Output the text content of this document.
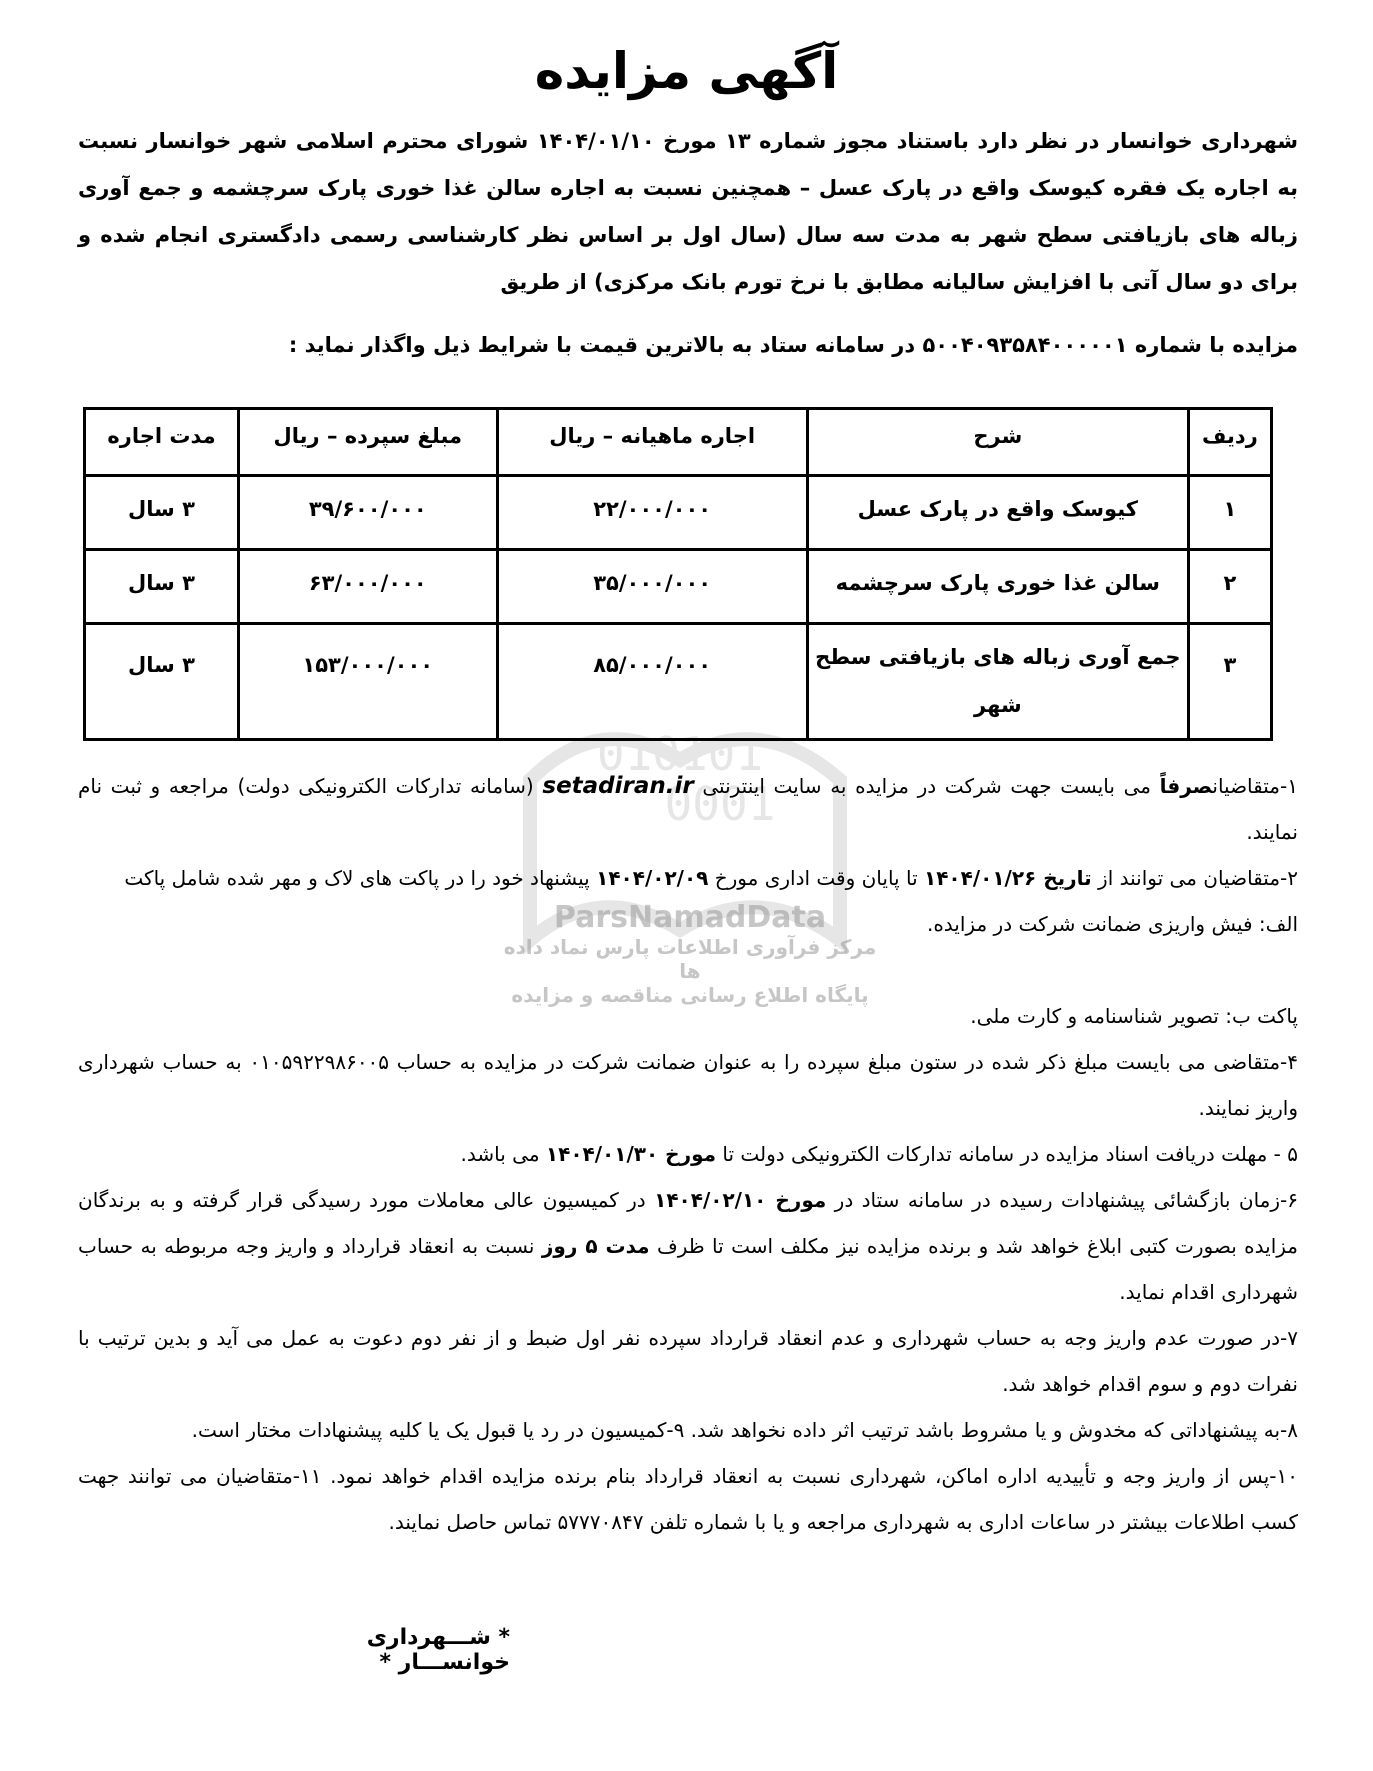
010101
0001
ParsNamadData
مرکز فرآوری اطلاعات پارس نماد داده ها
پایگاه اطلاع رسانی مناقصه و مزایده
آگهی مزایده
شهرداری خوانسار در نظر دارد باستناد مجوز شماره ۱۳ مورخ ۱۴۰۴/۰۱/۱۰ شورای محترم اسلامی شهر خوانسار نسبت به اجاره یک فقره کیوسک واقع در پارک عسل – همچنین نسبت به اجاره سالن غذا خوری پارک سرچشمه و جمع آوری زباله های بازیافتی سطح شهر به مدت سه سال (سال اول بر اساس نظر کارشناسی رسمی دادگستری انجام شده و برای دو سال آتی با افزایش سالیانه مطابق با نرخ تورم بانک مرکزی) از طریق
مزایده با شماره ۵۰۰۴۰۹۳۵۸۴۰۰۰۰۰۱ در سامانه ستاد به بالاترین قیمت با شرایط ذیل واگذار نماید :
ردیف	شرح	اجاره ماهیانه – ریال	مبلغ سپرده – ریال	مدت اجاره
۱	کیوسک واقع در پارک عسل	۲۲/۰۰۰/۰۰۰	۳۹/۶۰۰/۰۰۰	۳ سال
۲	سالن غذا خوری پارک سرچشمه	۳۵/۰۰۰/۰۰۰	۶۳/۰۰۰/۰۰۰	۳ سال
۳	جمع آوری زباله های بازیافتی سطح شهر	۸۵/۰۰۰/۰۰۰	۱۵۳/۰۰۰/۰۰۰	۳ سال

۱-متقاضیانصرفاً می بایست جهت شرکت در مزایده به سایت اینترنتی setadiran.ir (سامانه تدارکات الکترونیکی دولت) مراجعه و ثبت نام نمایند.

۲-متقاضیان می توانند از تاریخ ۱۴۰۴/۰۱/۲۶ تا پایان وقت اداری مورخ ۱۴۰۴/۰۲/۰۹ پیشنهاد خود را در پاکت های لاک و مهر شده شامل پاکت

الف: فیش واریزی ضمانت شرکت در مزایده.

پاکت ب: تصویر شناسنامه و کارت ملی.

۴-متقاضی می بایست مبلغ ذکر شده در ستون مبلغ سپرده را به عنوان ضمانت شرکت در مزایده به حساب ۰۱۰۵۹۲۲۹۸۶۰۰۵ به حساب شهرداری واریز نمایند.

۵ - مهلت دریافت اسناد مزایده در سامانه تدارکات الکترونیکی دولت تا مورخ ۱۴۰۴/۰۱/۳۰ می باشد.

۶-زمان بازگشائی پیشنهادات رسیده در سامانه ستاد در مورخ ۱۴۰۴/۰۲/۱۰ در کمیسیون عالی معاملات مورد رسیدگی قرار گرفته و به برندگان مزایده بصورت کتبی ابلاغ خواهد شد و برنده مزایده نیز مکلف است تا ظرف مدت ۵ روز نسبت به انعقاد قرارداد و واریز وجه مربوطه به حساب شهرداری اقدام نماید.

۷-در صورت عدم واریز وجه به حساب شهرداری و عدم انعقاد قرارداد سپرده نفر اول ضبط و از نفر دوم دعوت به عمل می آید و بدین ترتیب با نفرات دوم و سوم اقدام خواهد شد.

۸-به پیشنهاداتی که مخدوش و یا مشروط باشد ترتیب اثر داده نخواهد شد. ۹-کمیسیون در رد یا قبول یک یا کلیه پیشنهادات مختار است.

۱۰-پس از واریز وجه و تأییدیه اداره اماکن، شهرداری نسبت به انعقاد قرارداد بنام برنده مزایده اقدام خواهد نمود. ۱۱-متقاضیان می توانند جهت کسب اطلاعات بیشتر در ساعات اداری به شهرداری مراجعه و یا با شماره تلفن ۵۷۷۷۰۸۴۷ تماس حاصل نمایند.

* شـــهرداری خوانســـار *
